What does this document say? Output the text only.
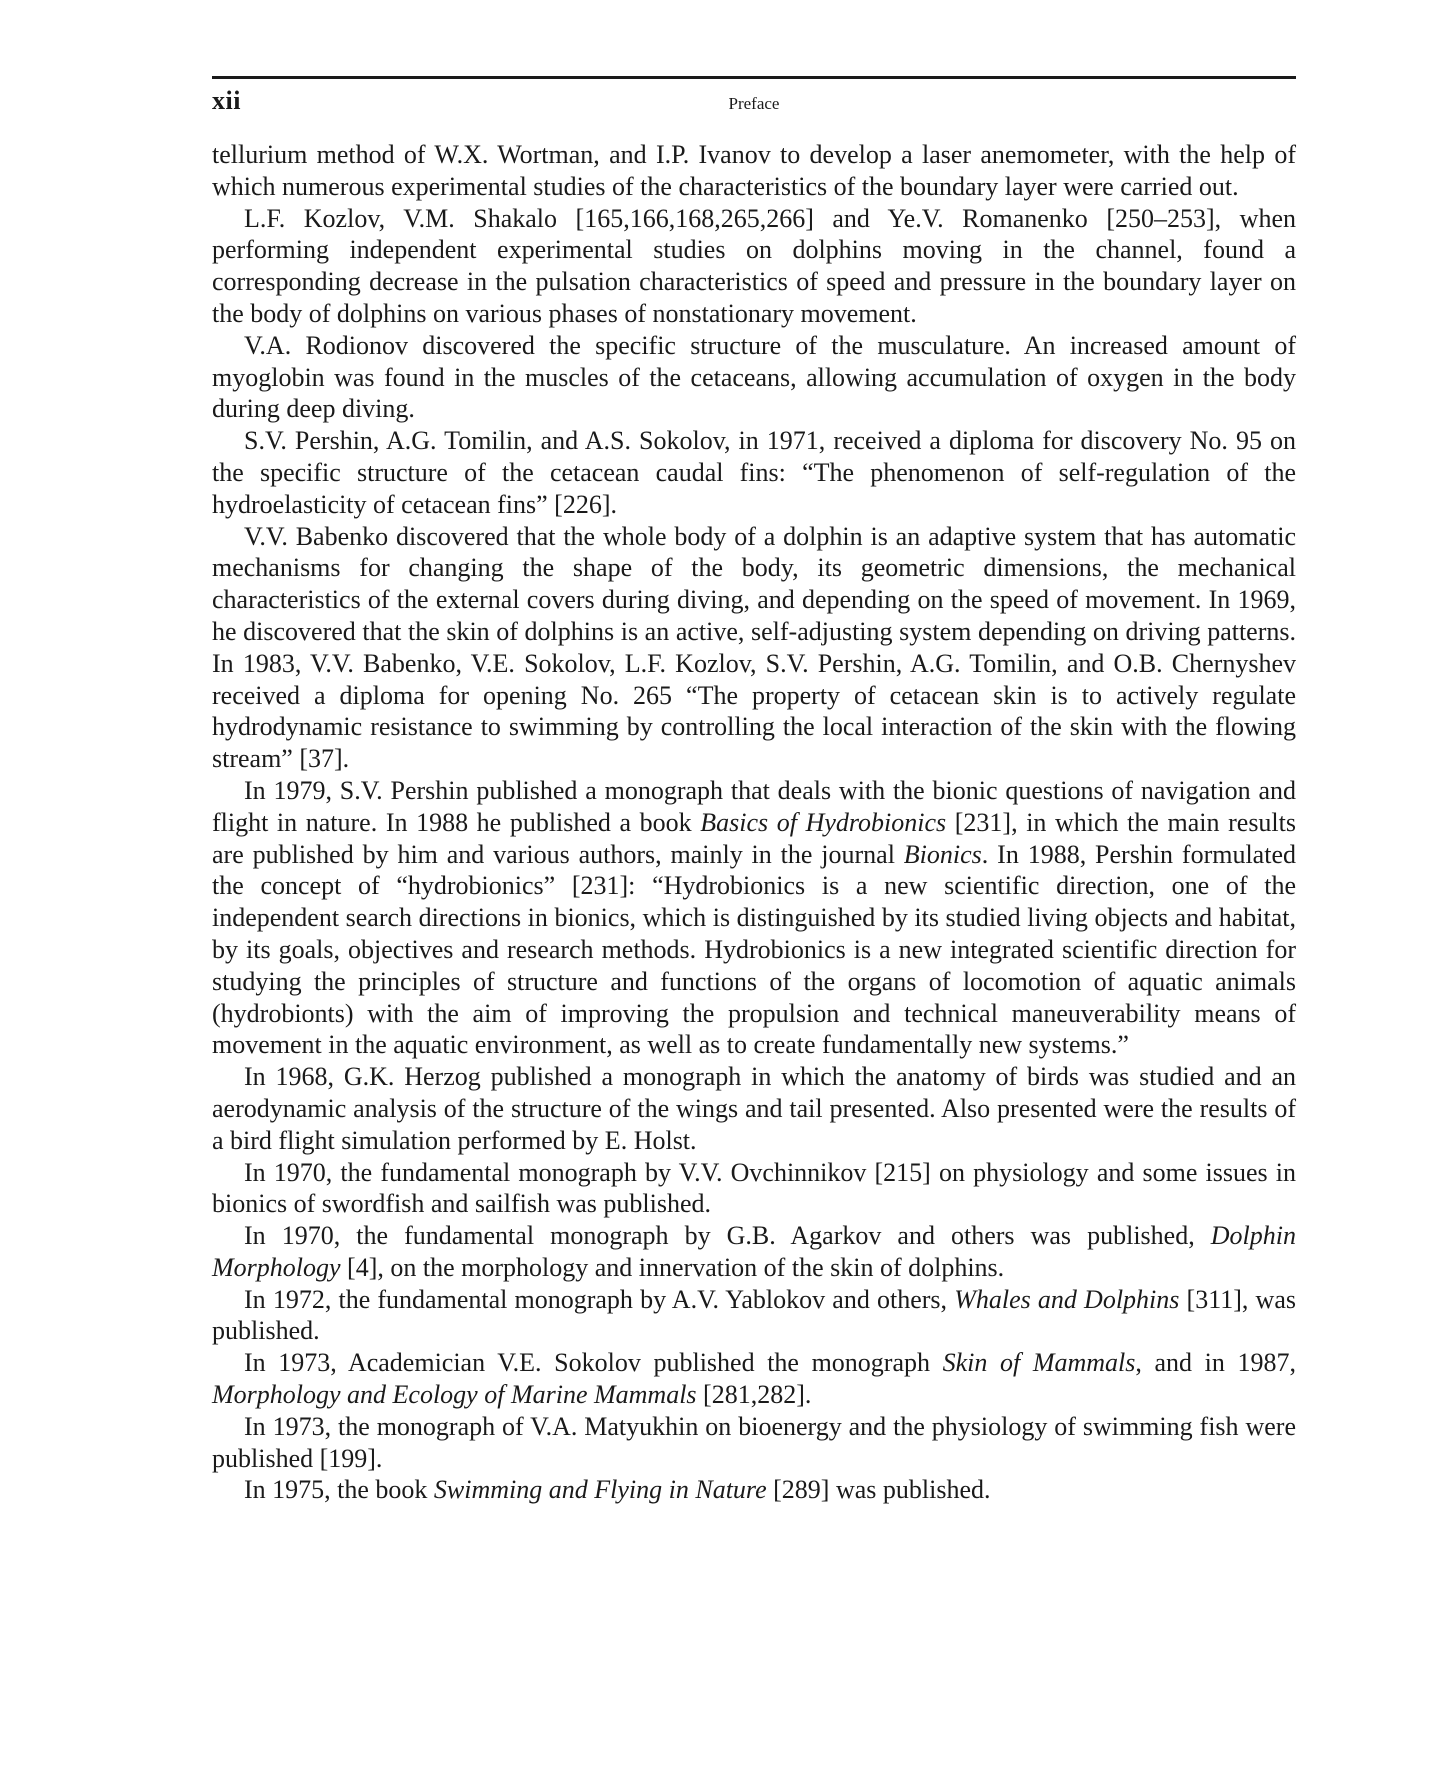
xii	Preface

tellurium method of W.X. Wortman, and I.P. Ivanov to develop a laser anemometer, with the help of which numerous experimental studies of the characteristics of the boundary layer were carried out.

L.F. Kozlov, V.M. Shakalo [165,166,168,265,266] and Ye.V. Romanenko [250–253], when performing independent experimental studies on dolphins moving in the channel, found a corresponding decrease in the pulsation characteristics of speed and pressure in the boundary layer on the body of dolphins on various phases of nonstationary movement.

V.A. Rodionov discovered the specific structure of the musculature. An increased amount of myoglobin was found in the muscles of the cetaceans, allowing accumulation of oxygen in the body during deep diving.

S.V. Pershin, A.G. Tomilin, and A.S. Sokolov, in 1971, received a diploma for discovery No. 95 on the specific structure of the cetacean caudal fins: “The phenomenon of self-regulation of the hydroelasticity of cetacean fins” [226].

V.V. Babenko discovered that the whole body of a dolphin is an adaptive system that has automatic mechanisms for changing the shape of the body, its geometric dimensions, the mechanical characteristics of the external covers during diving, and depending on the speed of movement. In 1969, he discovered that the skin of dolphins is an active, self-adjusting system depending on driving patterns. In 1983, V.V. Babenko, V.E. Sokolov, L.F. Kozlov, S.V. Pershin, A.G. Tomilin, and O.B. Chernyshev received a diploma for opening No. 265 “The property of cetacean skin is to actively regulate hydrodynamic resistance to swimming by controlling the local interaction of the skin with the flowing stream” [37].

In 1979, S.V. Pershin published a monograph that deals with the bionic questions of navigation and flight in nature. In 1988 he published a book Basics of Hydrobionics [231], in which the main results are published by him and various authors, mainly in the journal Bionics. In 1988, Pershin formulated the concept of “hydrobionics” [231]: “Hydrobionics is a new scientific direction, one of the independent search directions in bionics, which is distinguished by its studied living objects and habitat, by its goals, objectives and research methods. Hydrobionics is a new integrated scientific direction for studying the principles of structure and functions of the organs of locomotion of aquatic animals (hydrobionts) with the aim of improving the propulsion and technical maneuverability means of movement in the aquatic environment, as well as to create fundamentally new systems.”

In 1968, G.K. Herzog published a monograph in which the anatomy of birds was studied and an aerodynamic analysis of the structure of the wings and tail presented. Also presented were the results of a bird flight simulation performed by E. Holst.

In 1970, the fundamental monograph by V.V. Ovchinnikov [215] on physiology and some issues in bionics of swordfish and sailfish was published.

In 1970, the fundamental monograph by G.B. Agarkov and others was published, Dolphin Morphology [4], on the morphology and innervation of the skin of dolphins.

In 1972, the fundamental monograph by A.V. Yablokov and others, Whales and Dolphins [311], was published.

In 1973, Academician V.E. Sokolov published the monograph Skin of Mammals, and in 1987, Morphology and Ecology of Marine Mammals [281,282].

In 1973, the monograph of V.A. Matyukhin on bioenergy and the physiology of swimming fish were published [199].

In 1975, the book Swimming and Flying in Nature [289] was published.
